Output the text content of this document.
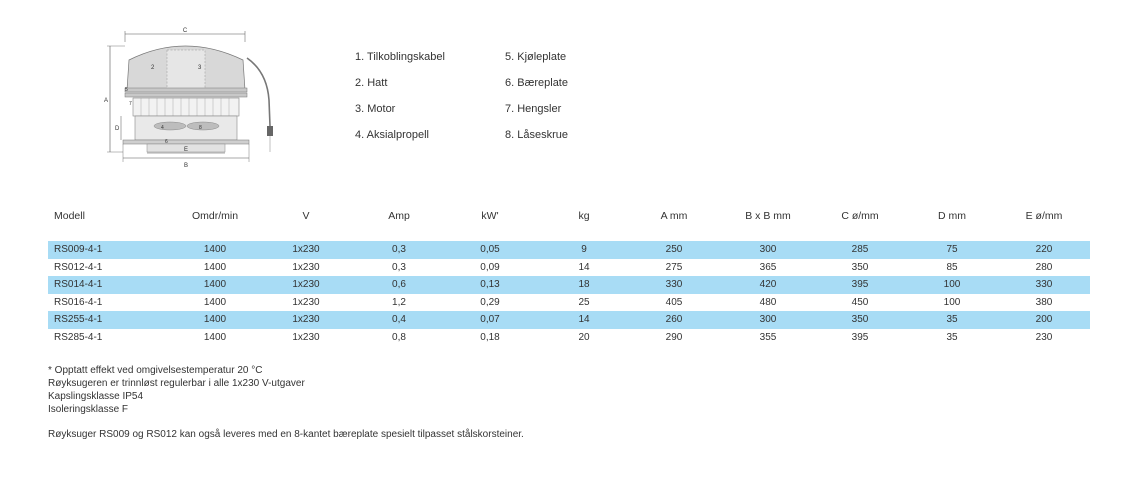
C
2	3
5
7
4	8
6
A
D
E
B
1. Tilkoblingskabel
2. Hatt
3. Motor
4. Aksialpropell
5. Kjøleplate
6. Bæreplate
7. Hengsler
8. Låseskrue
Modell	Omdr/min	V	Amp	kW'	kg	A mm	B x B mm	C ø/mm	D mm	E ø/mm
RS009-4-1	1400	1x230	0,3	0,05	9	250	300	285	75	220
RS012-4-1	1400	1x230	0,3	0,09	14	275	365	350	85	280
RS014-4-1	1400	1x230	0,6	0,13	18	330	420	395	100	330
RS016-4-1	1400	1x230	1,2	0,29	25	405	480	450	100	380
RS255-4-1	1400	1x230	0,4	0,07	14	260	300	350	35	200
RS285-4-1	1400	1x230	0,8	0,18	20	290	355	395	35	230
* Opptatt effekt ved omgivelsestemperatur 20 °C
Røyksugeren er trinnløst regulerbar i alle 1x230 V-utgaver
Kapslingsklasse IP54
Isoleringsklasse F
Røyksuger RS009 og RS012 kan også leveres med en 8-kantet bæreplate spesielt tilpasset stålskorsteiner.
